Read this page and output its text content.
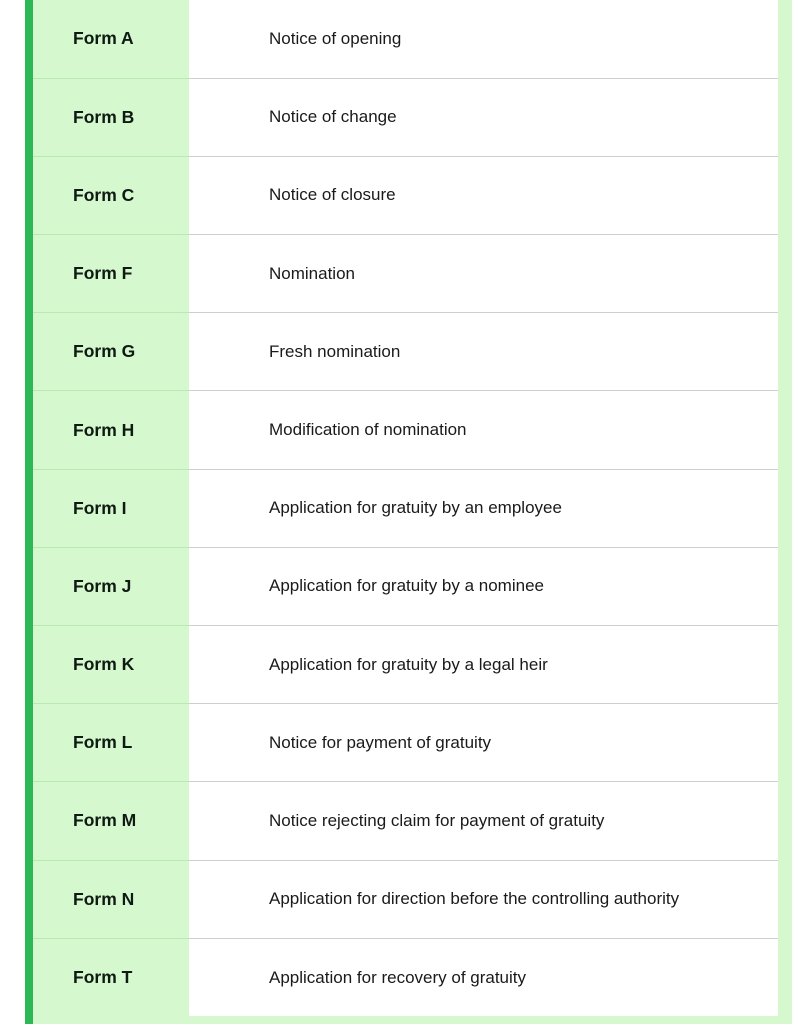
Form A	Notice of opening
Form B	Notice of change
Form C	Notice of closure
Form F	Nomination
Form G	Fresh nomination
Form H	Modification of nomination
Form I	Application for gratuity by an employee
Form J	Application for gratuity by a nominee
Form K	Application for gratuity by a legal heir
Form L	Notice for payment of gratuity
Form M	Notice rejecting claim for payment of gratuity
Form N	Application for direction before the controlling authority
Form T	Application for recovery of gratuity
